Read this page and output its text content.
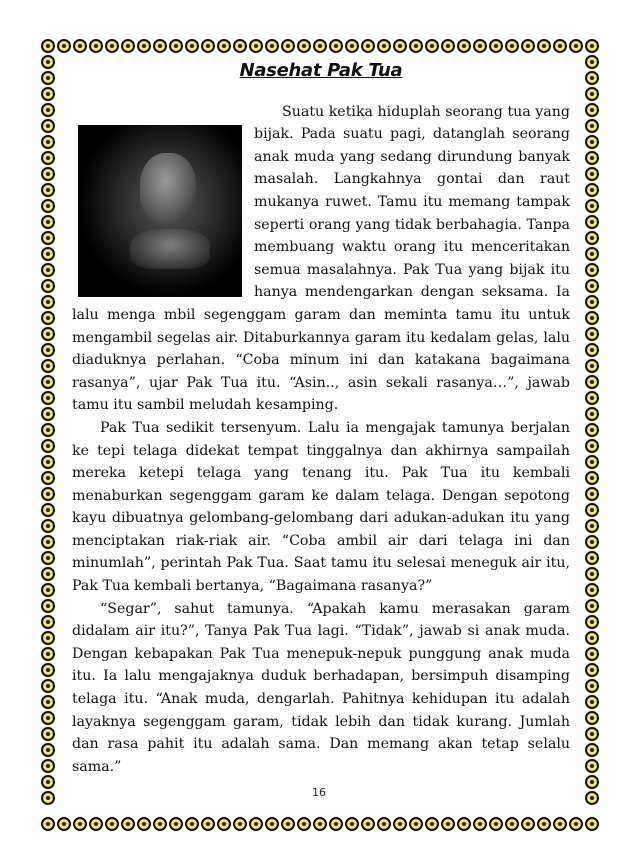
Nasehat Pak Tua

Suatu ketika hiduplah seorang tua yang bijak. Pada suatu pagi, datanglah seorang anak muda yang sedang dirundung banyak masalah. Langkahnya gontai dan raut mukanya ruwet. Tamu itu memang tampak seperti orang yang tidak berbahagia. Tanpa membuang waktu orang itu menceritakan semua masalahnya. Pak Tua yang bijak itu hanya mendengarkan dengan seksama. Ia lalu menga mbil segenggam garam dan meminta tamu itu untuk mengambil segelas air. Ditaburkannya garam itu kedalam gelas, lalu diaduknya perlahan. “Coba minum ini dan katakana bagaimana rasanya”, ujar Pak Tua itu. “Asin.., asin sekali rasanya…”, jawab tamu itu sambil meludah kesamping.

Pak Tua sedikit tersenyum. Lalu ia mengajak tamunya berjalan ke tepi telaga didekat tempat tinggalnya dan akhirnya sampailah mereka ketepi telaga yang tenang itu. Pak Tua itu kembali menaburkan segenggam garam ke dalam telaga. Dengan sepotong kayu dibuatnya gelombang-gelombang dari adukan-adukan itu yang menciptakan riak-riak air. “Coba ambil air dari telaga ini dan minumlah”, perintah Pak Tua. Saat tamu itu selesai meneguk air itu, Pak Tua kembali bertanya, “Bagaimana rasanya?”

“Segar”, sahut tamunya. “Apakah kamu merasakan garam didalam air itu?”, Tanya Pak Tua lagi. “Tidak”, jawab si anak muda. Dengan kebapakan Pak Tua menepuk-nepuk punggung anak muda itu. Ia lalu mengajaknya duduk berhadapan, bersimpuh disamping telaga itu. “Anak muda, dengarlah. Pahitnya kehidupan itu adalah layaknya segenggam garam, tidak lebih dan tidak kurang. Jumlah dan rasa pahit itu adalah sama. Dan memang akan tetap selalu sama.”

16
